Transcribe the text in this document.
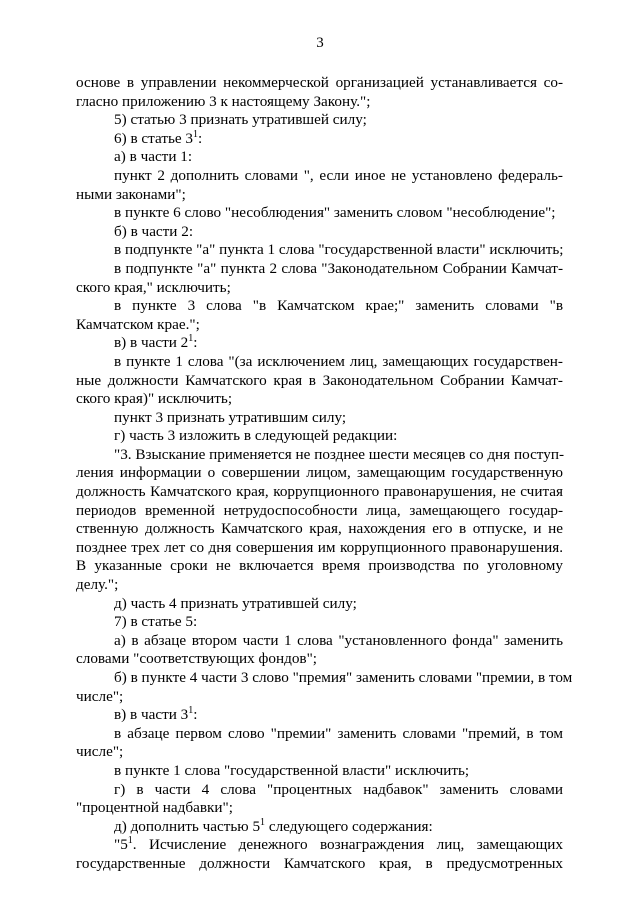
3
основе в управлении некоммерческой организацией устанавливается со-
гласно приложению 3 к настоящему Закону.";
5) статью 3 признать утратившей силу;
6) в статье $3^1$:
а) в части 1:
пункт 2 дополнить словами ", если иное не установлено федераль-
ными законами";
в пункте 6 слово "несоблюдения" заменить словом "несоблюдение";
б) в части 2:
в подпункте "а" пункта 1 слова "государственной власти" исключить;
в подпункте "а" пункта 2 слова "Законодательном Собрании Камчат-
ского края," исключить;
в пункте 3 слова "в Камчатском крае;" заменить словами "в
Камчатском крае.";
в) в части $2^1$:
в пункте 1 слова "(за исключением лиц, замещающих государствен-
ные должности Камчатского края в Законодательном Собрании Камчат-
ского края)" исключить;
пункт 3 признать утратившим силу;
г) часть 3 изложить в следующей редакции:
"3. Взыскание применяется не позднее шести месяцев со дня поступ-
ления информации о совершении лицом, замещающим государственную
должность Камчатского края, коррупционного правонарушения, не считая
периодов временной нетрудоспособности лица, замещающего государ-
ственную должность Камчатского края, нахождения его в отпуске, и не
позднее трех лет со дня совершения им коррупционного правонарушения.
В указанные сроки не включается время производства по уголовному
делу.";
д) часть 4 признать утратившей силу;
7) в статье 5:
а) в абзаце втором части 1 слова "установленного фонда" заменить
словами "соответствующих фондов";
б) в пункте 4 части 3 слово "премия" заменить словами "премии, в том
числе";
в) в части $3^1$:
в абзаце первом слово "премии" заменить словами "премий, в том
числе";
в пункте 1 слова "государственной власти" исключить;
г) в части 4 слова "процентных надбавок" заменить словами
"процентной надбавки";
д) дополнить частью $5^1$ следующего содержания:
"$5^1$. Исчисление денежного вознаграждения лиц, замещающих
государственные должности Камчатского края, в предусмотренных
